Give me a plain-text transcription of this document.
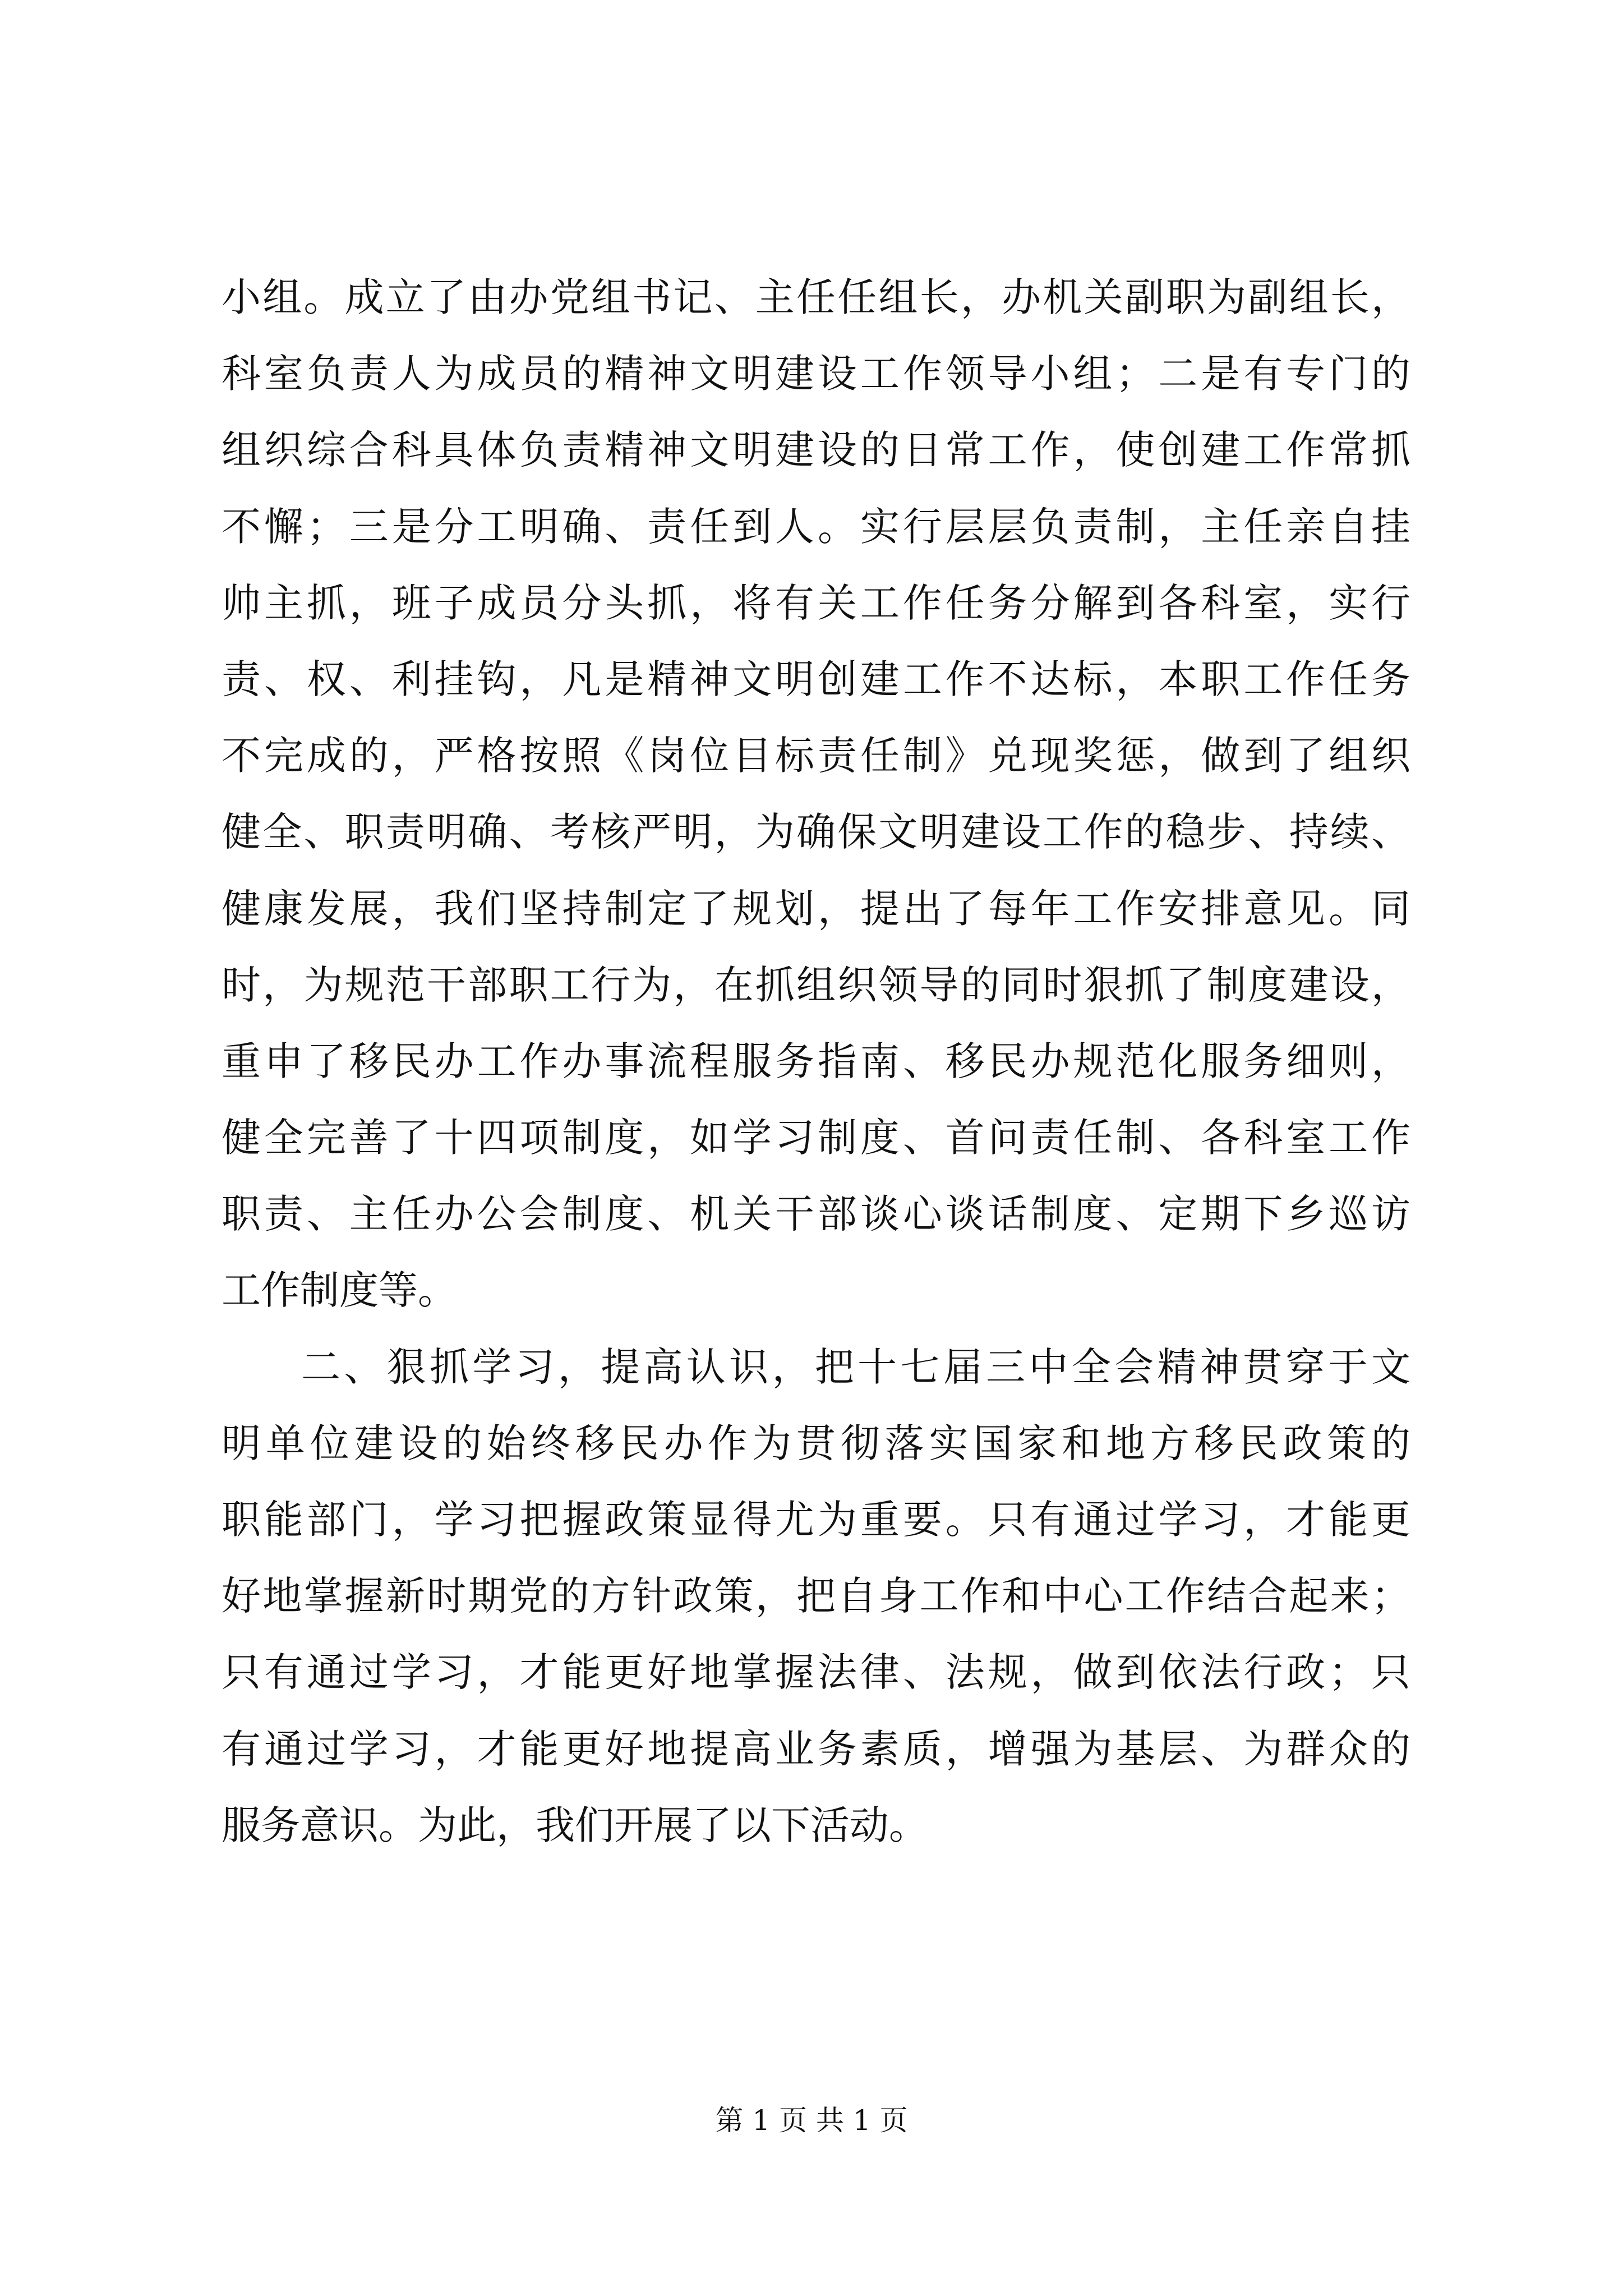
小组。成立了由办党组书记、主任任组长，办机关副职为副组长，
科室负责人为成员的精神文明建设工作领导小组；二是有专门的
组织综合科具体负责精神文明建设的日常工作，使创建工作常抓
不懈；三是分工明确、责任到人。实行层层负责制，主任亲自挂
帅主抓，班子成员分头抓，将有关工作任务分解到各科室，实行
责、权、利挂钩，凡是精神文明创建工作不达标，本职工作任务
不完成的，严格按照《岗位目标责任制》兑现奖惩，做到了组织
健全、职责明确、考核严明，为确保文明建设工作的稳步、持续、
健康发展，我们坚持制定了规划，提出了每年工作安排意见。同
时，为规范干部职工行为，在抓组织领导的同时狠抓了制度建设，
重申了移民办工作办事流程服务指南、移民办规范化服务细则，
健全完善了十四项制度，如学习制度、首问责任制、各科室工作
职责、主任办公会制度、机关干部谈心谈话制度、定期下乡巡访
工作制度等。
二、狠抓学习，提高认识，把十七届三中全会精神贯穿于文
明单位建设的始终移民办作为贯彻落实国家和地方移民政策的
职能部门，学习把握政策显得尤为重要。只有通过学习，才能更
好地掌握新时期党的方针政策，把自身工作和中心工作结合起来；
只有通过学习，才能更好地掌握法律、法规，做到依法行政；只
有通过学习，才能更好地提高业务素质，增强为基层、为群众的
服务意识。为此，我们开展了以下活动。
第 1 页 共 1 页
